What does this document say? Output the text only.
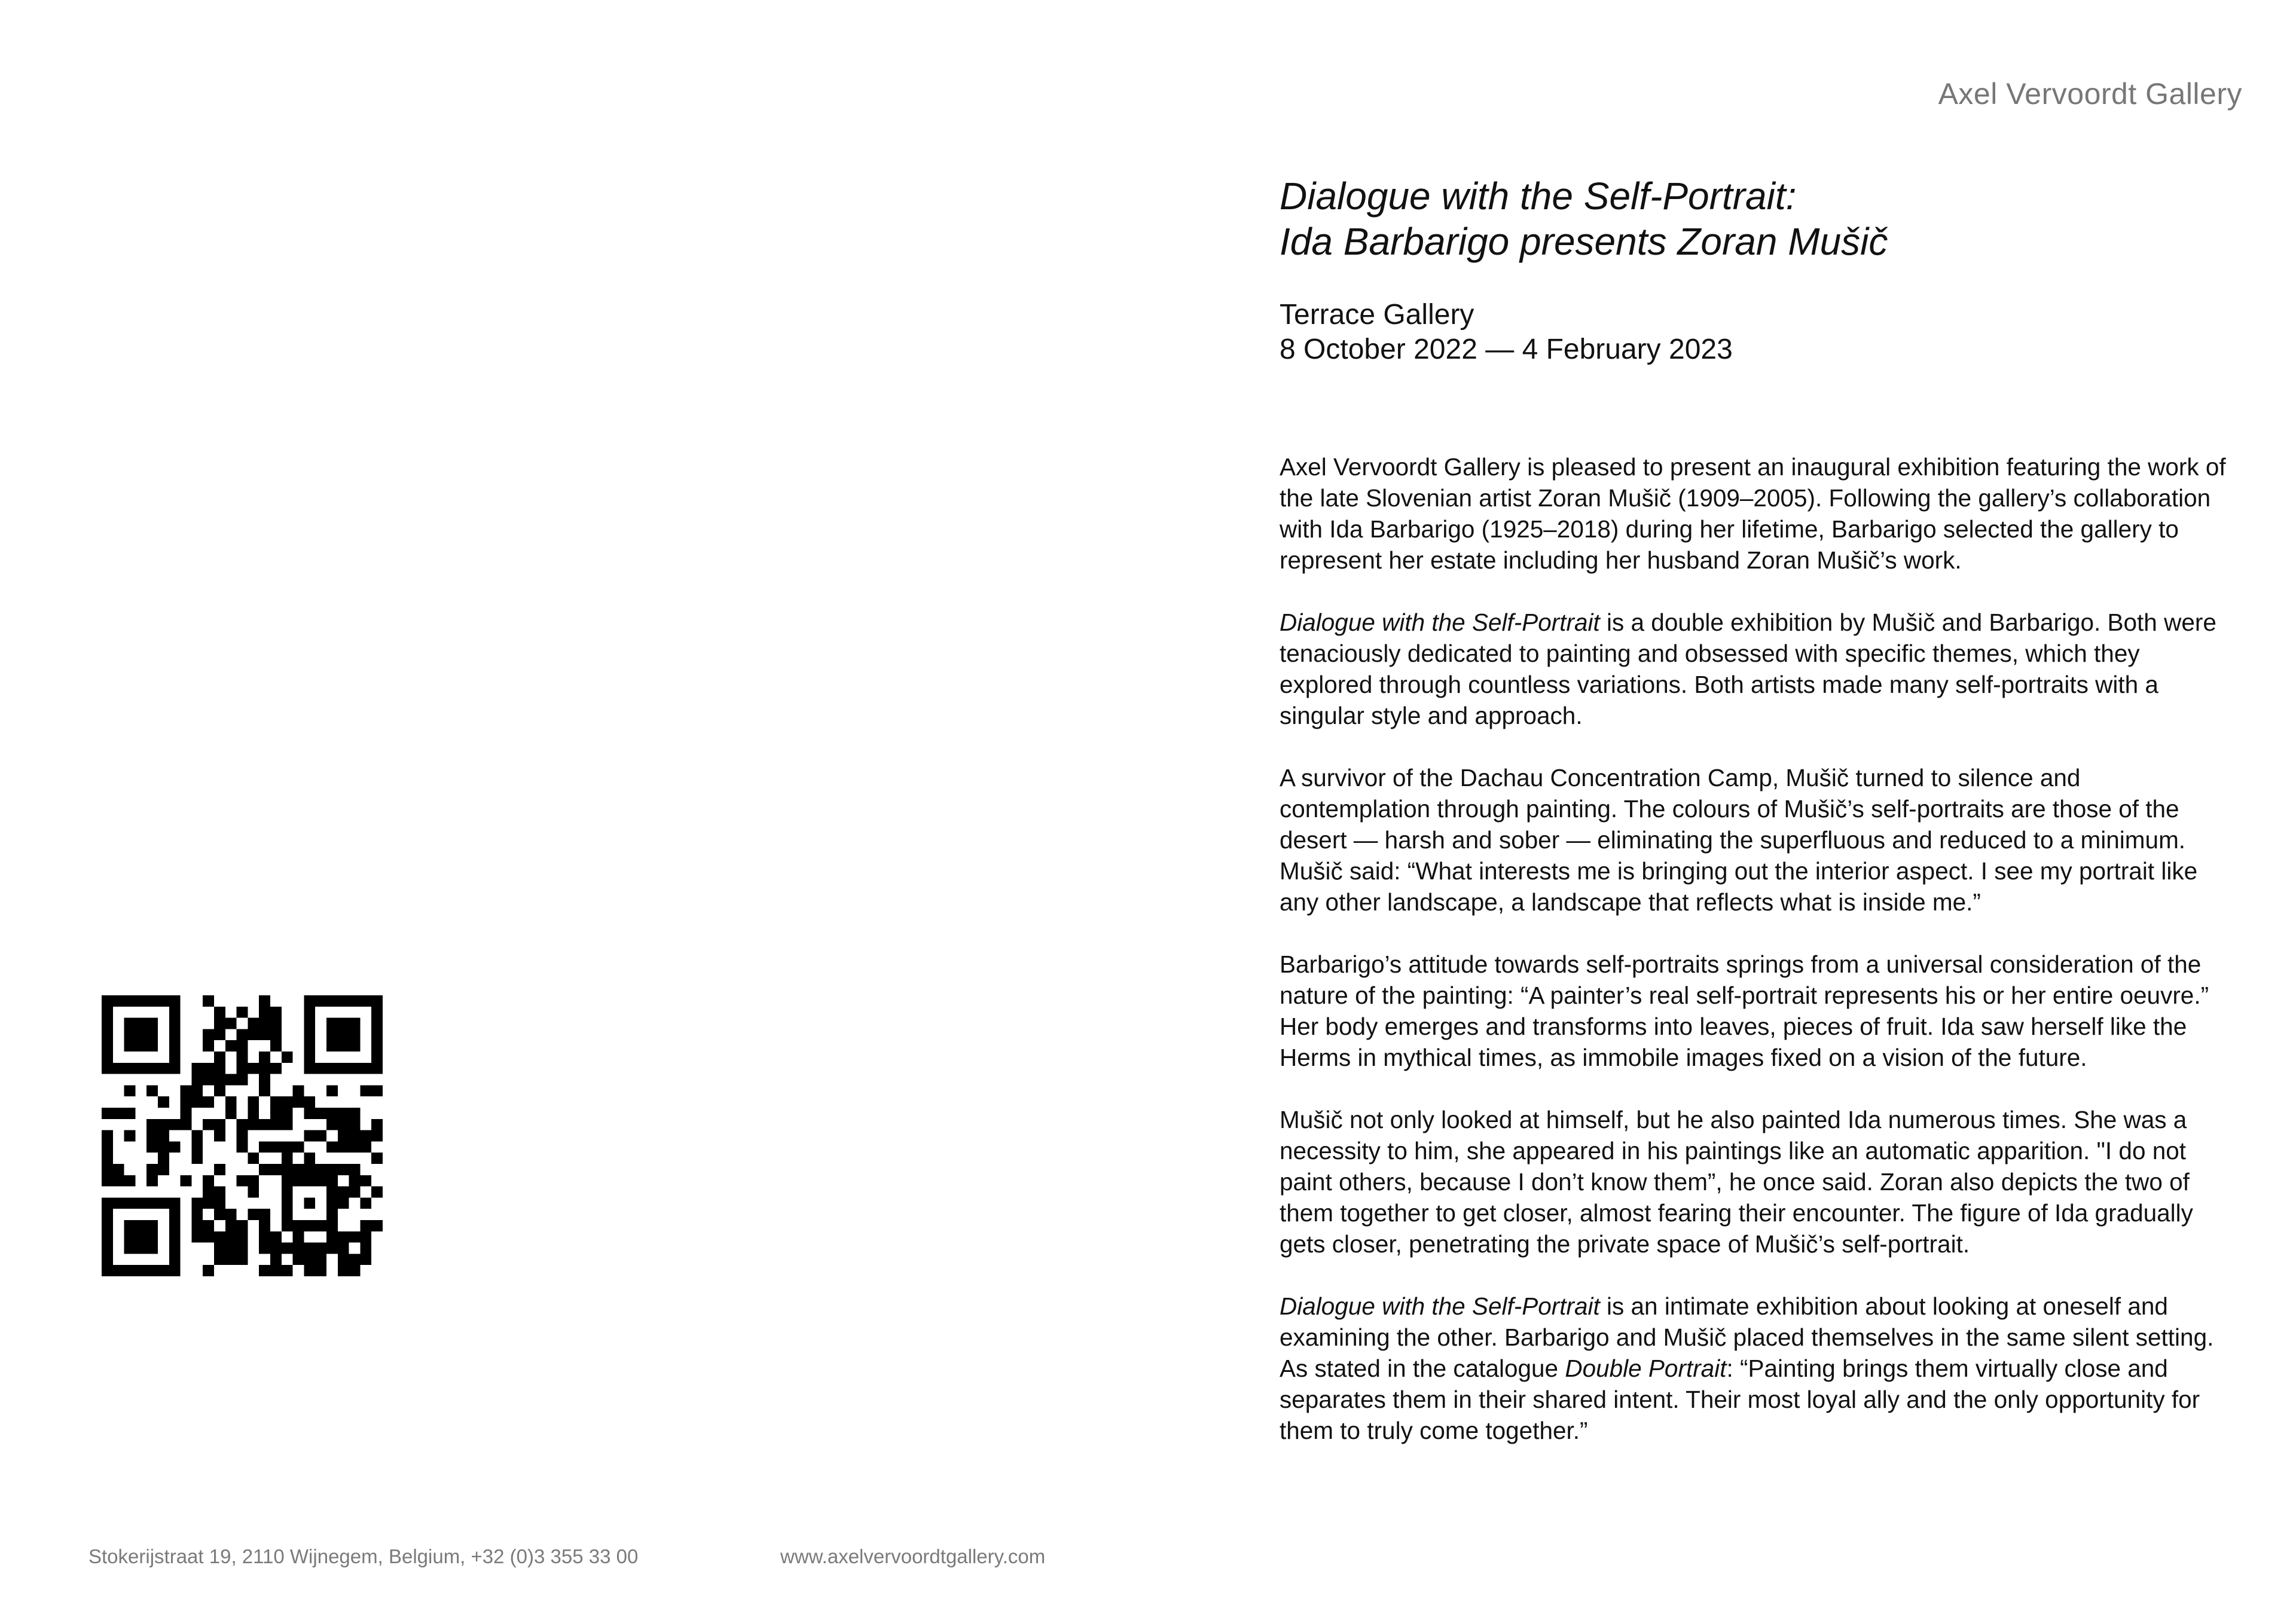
Axel Vervoordt Gallery
Dialogue with the Self-Portrait:
Ida Barbarigo presents Zoran Mušič
Terrace Gallery
8 October 2022 — 4 February 2023

Axel Vervoordt Gallery is pleased to present an inaugural exhibition featuring the work of the late Slovenian artist Zoran Mušič (1909–2005). Following the gallery’s collaboration with Ida Barbarigo (1925–2018) during her lifetime, Barbarigo selected the gallery to represent her estate including her husband Zoran Mušič’s work.

Dialogue with the Self-Portrait is a double exhibition by Mušič and Barbarigo. Both were tenaciously dedicated to painting and obsessed with specific themes, which they explored through countless variations. Both artists made many self-portraits with a singular style and approach.

A survivor of the Dachau Concentration Camp, Mušič turned to silence and contemplation through painting. The colours of Mušič’s self-portraits are those of the desert — harsh and sober — eliminating the superfluous and reduced to a minimum. Mušič said: “What interests me is bringing out the interior aspect. I see my portrait like any other landscape, a landscape that reflects what is inside me.”

Barbarigo’s attitude towards self-portraits springs from a universal consideration of the nature of the painting: “A painter’s real self-portrait represents his or her entire oeuvre.” Her body emerges and transforms into leaves, pieces of fruit. Ida saw herself like the Herms in mythical times, as immobile images fixed on a vision of the future.

Mušič not only looked at himself, but he also painted Ida numerous times. She was a necessity to him, she appeared in his paintings like an automatic apparition. "I do not paint others, because I don’t know them”, he once said. Zoran also depicts the two of them together to get closer, almost fearing their encounter. The figure of Ida gradually gets closer, penetrating the private space of Mušič’s self-portrait.

Dialogue with the Self-Portrait is an intimate exhibition about looking at oneself and examining the other. Barbarigo and Mušič placed themselves in the same silent setting. As stated in the catalogue Double Portrait: “Painting brings them virtually close and separates them in their shared intent. Their most loyal ally and the only opportunity for them to truly come together.”

Stokerijstraat 19, 2110 Wijnegem, Belgium, +32 (0)3 355 33 00	www.axelvervoordtgallery.com
